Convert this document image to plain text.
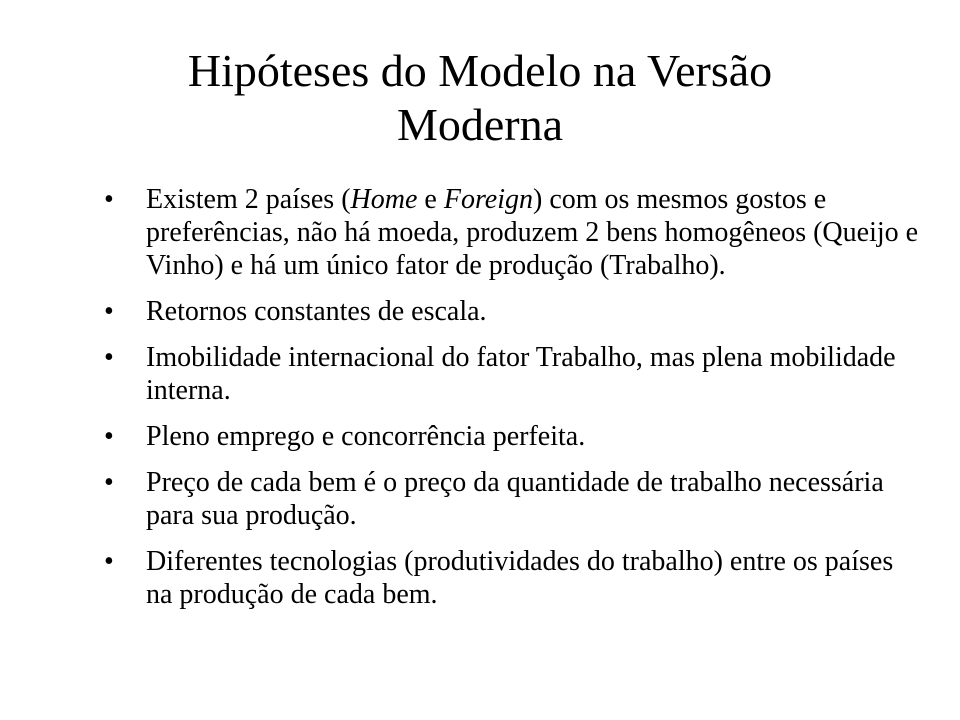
Hipóteses do Modelo na Versão
Moderna
•	Existem 2 países (Home e Foreign) com os mesmos gostos e preferências, não há moeda, produzem 2 bens homogêneos (Queijo e Vinho) e há um único fator de produção (Trabalho).
•	Retornos constantes de escala.
•	Imobilidade internacional do fator Trabalho, mas plena mobilidade interna.
•	Pleno emprego e concorrência perfeita.
•	Preço de cada bem é o preço da quantidade de trabalho necessária para sua produção.
•	Diferentes tecnologias (produtividades do trabalho) entre os países na produção de cada bem.
